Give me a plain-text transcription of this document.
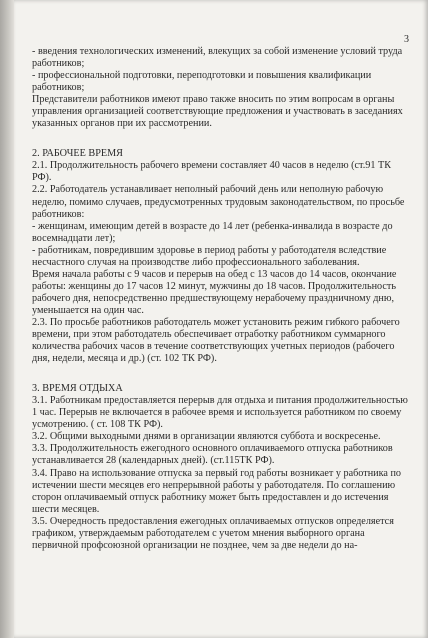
3

- введения технологических изменений, влекущих за собой изменение условий труда работников;

- профессиональной подготовки, переподготовки и повышения квалификации работников;

Представители работников имеют право также вносить по этим вопросам в органы управления организацией соответствующие предложения и участвовать в заседаниях указанных органов при их рассмотрении.

2. РАБОЧЕЕ ВРЕМЯ

2.1. Продолжительность рабочего времени составляет 40 часов в неделю (ст.91 ТК РФ).

2.2. Работодатель устанавливает неполный рабочий день или неполную рабочую неделю, помимо случаев, предусмотренных трудовым законодательством, по просьбе работников:

- женщинам, имеющим детей в возрасте до 14 лет (ребенка-инвалида в возрасте до восемнадцати лет);

- работникам, повредившим здоровье в период работы у работодателя вследствие несчастного случая на производстве либо профессионального заболевания.

Время начала работы с 9 часов и перерыв на обед с 13 часов до 14 часов, окончание работы: женщины до 17 часов 12 минут, мужчины до 18 часов. Продолжительность рабочего дня, непосредственно предшествующему нерабочему праздничному дню, уменьшается на один час.

2.3. По просьбе работников работодатель может установить режим гибкого рабочего времени, при этом работодатель обеспечивает отработку работником суммарного количества рабочих часов в течение соответствующих учетных периодов (рабочего дня, недели, месяца и др.) (ст. 102 ТК РФ).

3. ВРЕМЯ ОТДЫХА

3.1. Работникам предоставляется перерыв для отдыха и питания продолжительностью 1 час. Перерыв не включается в рабочее время и используется работником по своему усмотрению. ( ст. 108 ТК РФ).

3.2. Общими выходными днями в организации являются суббота и воскресенье.

3.3. Продолжительность ежегодного основного оплачиваемого отпуска работников устанавливается 28 (календарных дней). (ст.115ТК РФ).

3.4. Право на использование отпуска за первый год работы возникает у работника по истечении шести месяцев его непрерывной работы у работодателя. По соглашению сторон оплачиваемый отпуск работнику может быть предоставлен и до истечения шести месяцев.

3.5. Очередность предоставления ежегодных оплачиваемых отпусков определяется графиком, утверждаемым работодателем с учетом мнения выборного органа первичной профсоюзной организации не позднее, чем за две недели до на-
